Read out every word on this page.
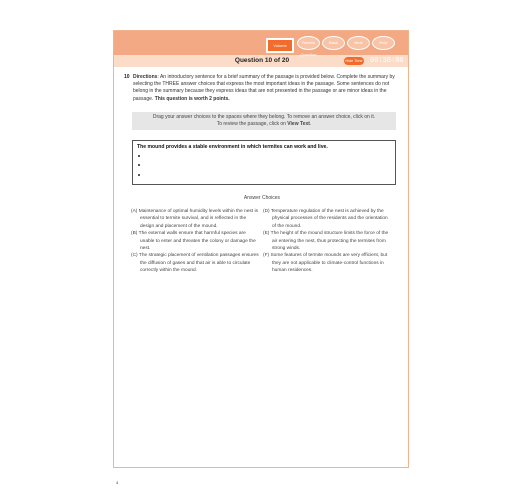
Volume
Review Question
Back	Next	Help
Question 10 of 20	Hide Time 00:36:00
10 Directions: An introductory sentence for a brief summary of the passage is provided below. Complete the summary by selecting the THREE answer choices that express the most important ideas in the passage. Some sentences do not belong in the summary because they express ideas that are not presented in the passage or are minor ideas in the passage. This question is worth 2 points.
Drag your answer choices to the spaces where they belong. To remove an answer choice, click on it.
To review the passage, click on View Text.
The mound provides a stable environment in which termites can work and live.
Answer Choices
(A) Maintenance of optimal humidity levels within the nest is essential to termite survival, and is reflected in the design and placement of the mound.
(B) The external walls ensure that harmful species are unable to enter and threaten the colony or damage the nest.
(C) The strategic placement of ventilation passages ensures the diffusion of gases and that air is able to circulate correctly within the mound.
(D) Temperature regulation of the nest is achieved by the physical processes of the residents and the orientation of the mound.
(E) The height of the mound structure limits the force of the air entering the nest, thus protecting the termites from strong winds.
(F) Some features of termite mounds are very efficient, but they are not applicable to climate-control functions in human residences.
4
